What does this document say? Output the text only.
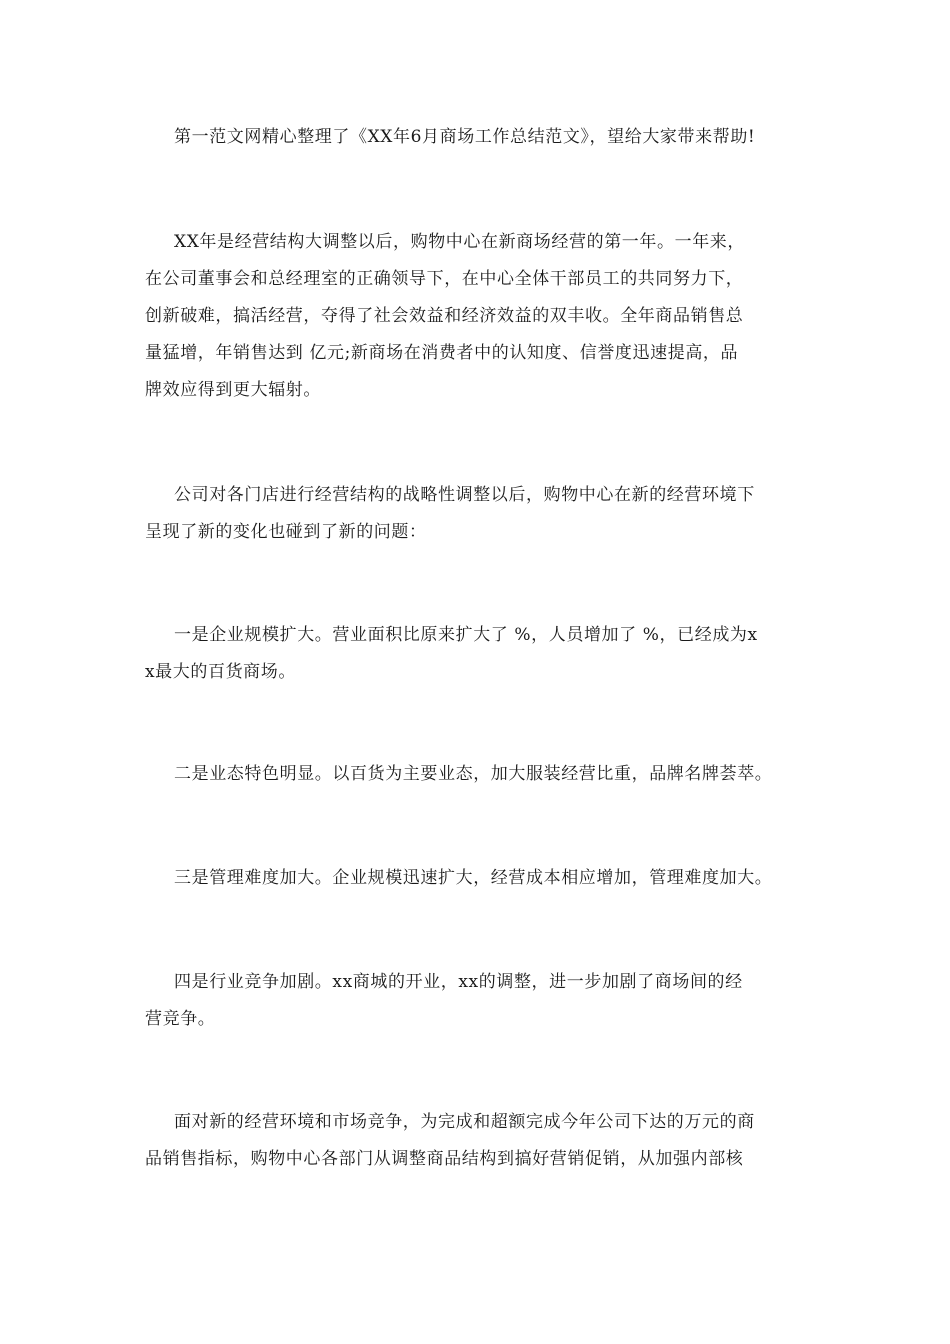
第一范文网精心整理了《XX年6月商场工作总结范文》，望给大家带来帮助!

XX年是经营结构大调整以后，购物中心在新商场经营的第一年。一年来，
在公司董事会和总经理室的正确领导下，在中心全体干部员工的共同努力下，
创新破难，搞活经营，夺得了社会效益和经济效益的双丰收。全年商品销售总
量猛增，年销售达到 亿元;新商场在消费者中的认知度、信誉度迅速提高，品
牌效应得到更大辐射。

公司对各门店进行经营结构的战略性调整以后，购物中心在新的经营环境下
呈现了新的变化也碰到了新的问题：

一是企业规模扩大。营业面积比原来扩大了 %，人员增加了 %，已经成为x
x最大的百货商场。

二是业态特色明显。以百货为主要业态，加大服装经营比重，品牌名牌荟萃。

三是管理难度加大。企业规模迅速扩大，经营成本相应增加，管理难度加大。

四是行业竞争加剧。xx商城的开业，xx的调整，进一步加剧了商场间的经
营竞争。

面对新的经营环境和市场竞争，为完成和超额完成今年公司下达的万元的商
品销售指标，购物中心各部门从调整商品结构到搞好营销促销，从加强内部核
